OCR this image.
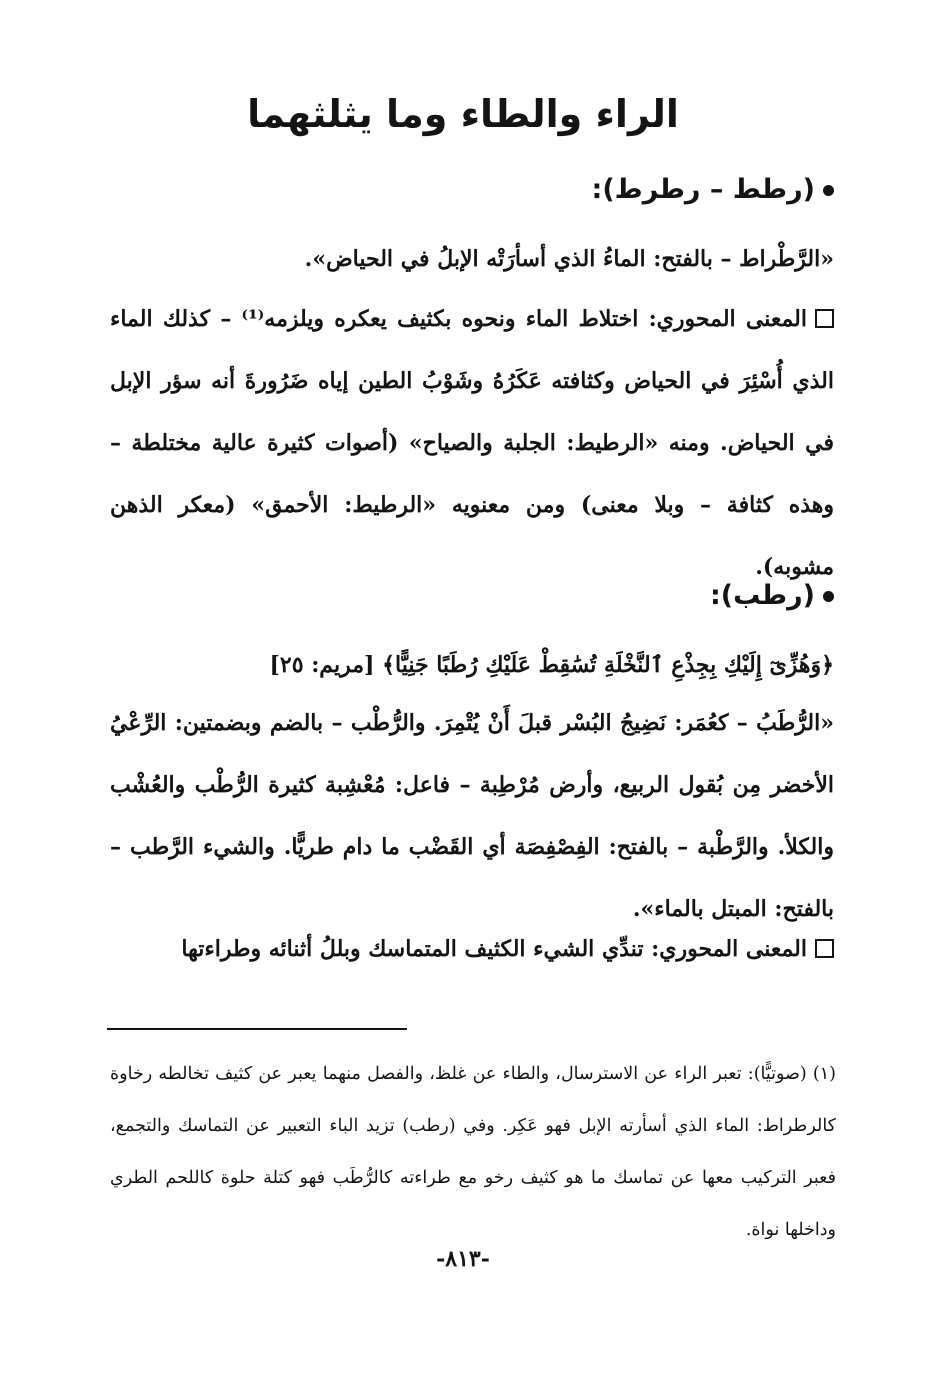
الراء والطاء وما يثلثهما
(رطط – رطرط):

«الرَّطْراط – بالفتح: الماءُ الذي أسأرَتْه الإبلُ في الحياض».

المعنى المحوري: اختلاط الماء ونحوه بكثيف يعكره ويلزمه⁽¹⁾ – كذلك الماء الذي أُسْئِرَ في الحياض وكثافته عَكَرُهُ وشَوْبُ الطين إياه ضَرُورةَ أنه سؤر الإبل في الحياض. ومنه «الرطيط: الجلبة والصياح» (أصوات كثيرة عالية مختلطة – وهذه كثافة – وبلا معنى) ومن معنويه «الرطيط: الأحمق» (معكر الذهن مشوبه).

(رطب):

﴿وَهُزِّىٓ إِلَيْكِ بِجِذْعِ ٱلنَّخْلَةِ تُسَٰقِطْ عَلَيْكِ رُطَبًا جَنِيًّا﴾ [مريم: ٢٥]

«الرُّطَبُ – كعُمَر: نَضِيجُ البُسْر قبلَ أَنْ يُتْمِرَ. والرُّطْب – بالضم وبضمتين: الرِّعْيُ الأخضر مِن بُقول الربيع، وأرض مُرْطِبة – فاعل: مُعْشِبة كثيرة الرُّطْب والعُشْب والكلأ. والرَّطْبة – بالفتح: الفِصْفِصَة أي القَضْب ما دام طريًّا. والشيء الرَّطب – بالفتح: المبتل بالماء».

المعنى المحوري: تندِّي الشيء الكثيف المتماسك وبللُ أثنائه وطراءتها

(١) (صوتيًّا): تعبر الراء عن الاسترسال، والطاء عن غلظ، والفصل منهما يعبر عن كثيف تخالطه رخاوة كالرطراط: الماء الذي أسأرته الإبل فهو عَكِر. وفي (رطب) تزيد الباء التعبير عن التماسك والتجمع، فعبر التركيب معها عن تماسك ما هو كثيف رخو مع طراءته كالرُّطَب فهو كتلة حلوة كاللحم الطري وداخلها نواة.

-٨١٣-
